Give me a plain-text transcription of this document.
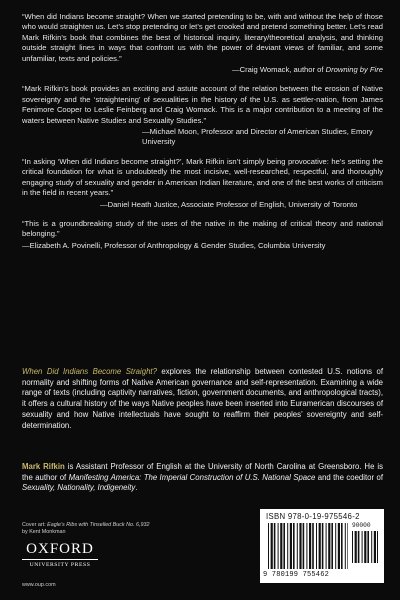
“When did Indians become straight? When we started pretending to be, with and without the help of those who would straighten us. Let’s stop pretending or let’s get crooked and pretend something better. Let’s read Mark Rifkin’s book that combines the best of historical inquiry, literary/theoretical analysis, and thinking outside straight lines in ways that confront us with the power of deviant views of familiar, and some unfamiliar, texts and policies.”

—Craig Womack, author of Drowning by Fire

“Mark Rifkin’s book provides an exciting and astute account of the relation between the erosion of Native sovereignty and the ‘straightening’ of sexualities in the history of the U.S. as settler-nation, from James Fenimore Cooper to Leslie Feinberg and Craig Womack. This is a major contribution to a meeting of the waters between Native Studies and Sexuality Studies.”

—Michael Moon, Professor and Director of American Studies, Emory University

“In asking ‘When did Indians become straight?’, Mark Rifkin isn’t simply being provocative: he’s setting the critical foundation for what is undoubtedly the most incisive, well-researched, respectful, and thoroughly engaging study of sexuality and gender in American Indian literature, and one of the best works of criticism in the field in recent years.”

—Daniel Heath Justice, Associate Professor of English, University of Toronto

“This is a groundbreaking study of the uses of the native in the making of critical theory and national belonging.”

—Elizabeth A. Povinelli, Professor of Anthropology & Gender Studies, Columbia University

When Did Indians Become Straight? explores the relationship between contested U.S. notions of normality and shifting forms of Native American governance and self-representation. Examining a wide range of texts (including captivity narratives, fiction, government documents, and anthropological tracts), it offers a cultural history of the ways Native peoples have been inserted into Euramerican discourses of sexuality and how Native intellectuals have sought to reaffirm their peoples’ sovereignty and self-determination.

Mark Rifkin is Assistant Professor of English at the University of North Carolina at Greensboro. He is the author of Manifesting America: The Imperial Construction of U.S. National Space and the coeditor of Sexuality, Nationality, Indigeneity.

Cover art: Eagle’s Ribs with Tinselled Buck No. 6,932
by Kent Monkman
OXFORD
UNIVERSITY PRESS
www.oup.com
ISBN 978-0-19-975546-2
90000
9 780199 755462
